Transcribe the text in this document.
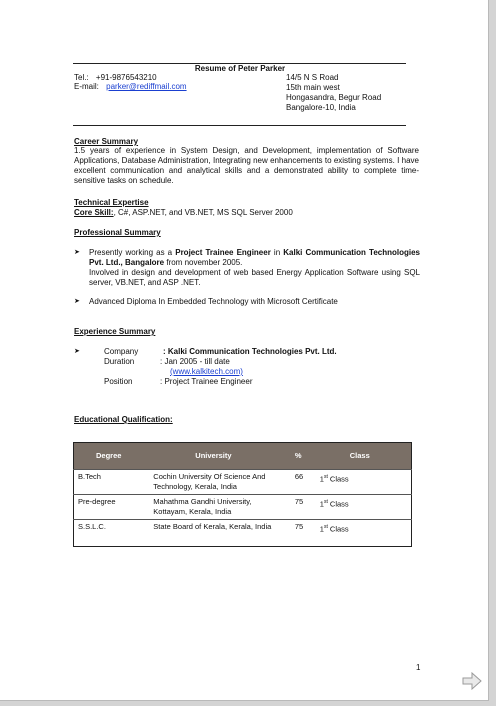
Resume of Peter Parker
Tel.: +91-9876543210
E-mail: parker@rediffmail.com
14/5 N S Road
15th main west
Hongasandra, Begur Road
Bangalore-10, India
Career Summary
1.5 years of experience in System Design, and Development, implementation of Software Applications, Database Administration, Integrating new enhancements to existing systems. I have excellent communication and analytical skills and a demonstrated ability to complete time-sensitive tasks on schedule.
Technical Expertise
Core Skill:, C#, ASP.NET, and VB.NET, MS SQL Server 2000
Professional Summary
➤ Presently working as a Project Trainee Engineer in Kalki Communication Technologies Pvt. Ltd., Bangalore from november 2005.
Involved in design and development of web based Energy Application Software using SQL server, VB.NET, and ASP .NET.
➤ Advanced Diploma In Embedded Technology with Microsoft Certificate
Experience Summary
➤	Company	: Kalki Communication Technologies Pvt. Ltd.
Duration	: Jan 2005 - till date
(www.kalkitech.com)
Position	: Project Trainee Engineer
Educational Qualification:
Degree	University	%	Class
B.Tech	Cochin University Of Science And Technology, Kerala, India	66	1st Class
Pre-degree	Mahathma Gandhi University, Kottayam, Kerala, India	75	1st Class
S.S.L.C.	State Board of Kerala, Kerala, India	75	1st Class
1
